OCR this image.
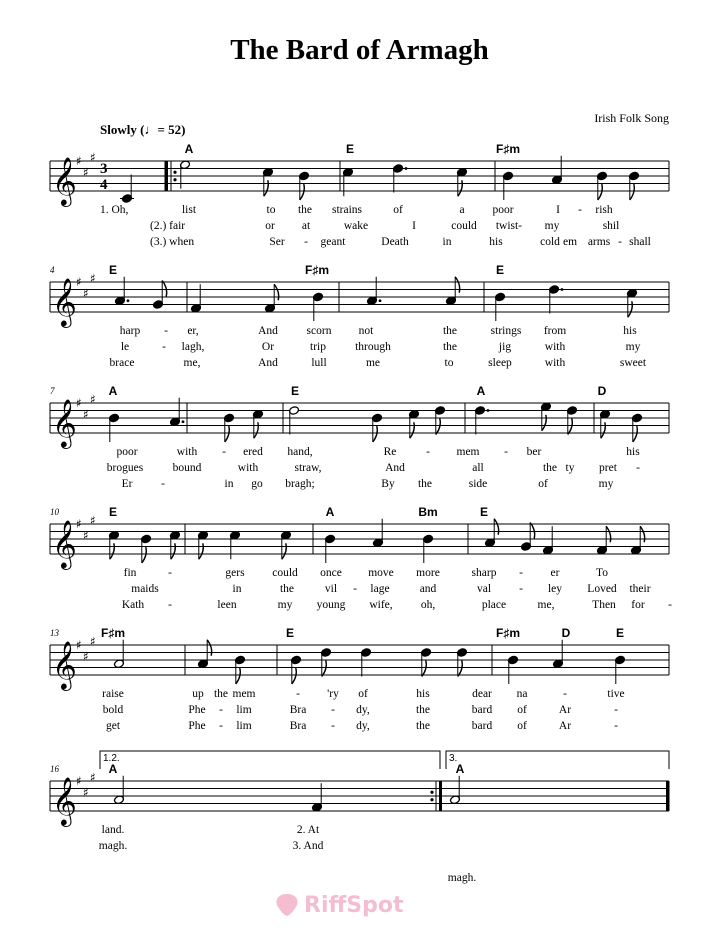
The Bard of Armagh
Irish Folk Song
Slowly (♩= 52)
𝄞 ♯
♯
♯
3
4
A	E	F♯m
1. Oh,
(2.) fair
(3.) when
list	to the strains	of	a poor	I - rish
or at	wake	I	could twist my	shil
-
Ser - geant	Death	in	his	cold arms shall
em	-
4
𝄞 ♯
♯
♯
E	F♯m	E
harp - er,	And scorn not	the	strings from	his
le	- lagh,	Or	trip	through	the	jig	with	my
brace	me,	And	lull	me	to	sleep	with	sweet
7
𝄞 ♯
♯
♯
A	E	A	D
poor	with - ered hand,	Re	- mem - ber	his
brogues	bound	with	straw,	And	all	the	pret -
ty
Er -	in go bragh;	By the	side	of	my
10
𝄞 ♯
♯
♯
E	A	Bm	E
fin	-	gers could once move more	sharp - er	To
maids	in	the	vil - lage	and	val - ley Loved their
Kath -	leen	my young wife, oh,	place	me,	Then for -
13
𝄞 ♯
♯
♯
F♯m	E	F♯m	D	E
raise	up the mem	- 'ry of	his	dear na	-	tive
bold	Phe - lim	Bra - dy,	the	bard of	Ar	-
get	Phe - lim	Bra - dy,	the	bard of	Ar	-
16
𝄞 ♯
♯
♯
1.2.	3.
A	A
land.	2. At
magh.	3. And
magh.
RiffSpot
